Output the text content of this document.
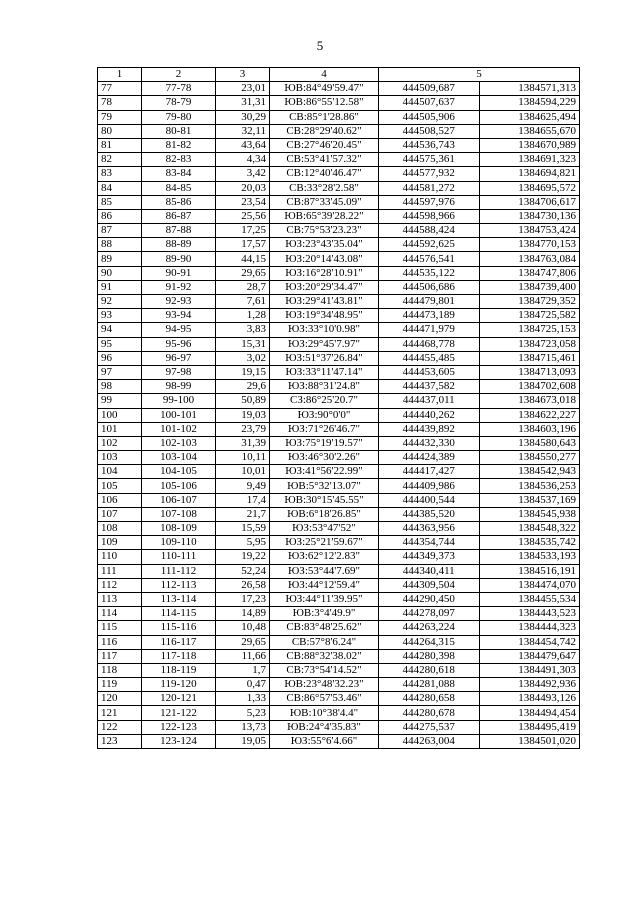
5
1	2	3	4	5	
77	77-78	23,01	ЮВ:84°49'59.47"	444509,687	1384571,313
78	78-79	31,31	ЮВ:86°55'12.58"	444507,637	1384594,229
79	79-80	30,29	СВ:85°1'28.86"	444505,906	1384625,494
80	80-81	32,11	СВ:28°29'40.62"	444508,527	1384655,670
81	81-82	43,64	СВ:27°46'20.45"	444536,743	1384670,989
82	82-83	4,34	СВ:53°41'57.32"	444575,361	1384691,323
83	83-84	3,42	СВ:12°40'46.47"	444577,932	1384694,821
84	84-85	20,03	СВ:33°28'2.58"	444581,272	1384695,572
85	85-86	23,54	СВ:87°33'45.09"	444597,976	1384706,617
86	86-87	25,56	ЮВ:65°39'28.22"	444598,966	1384730,136
87	87-88	17,25	СВ:75°53'23.23"	444588,424	1384753,424
88	88-89	17,57	ЮЗ:23°43'35.04"	444592,625	1384770,153
89	89-90	44,15	ЮЗ:20°14'43.08"	444576,541	1384763,084
90	90-91	29,65	ЮЗ:16°28'10.91"	444535,122	1384747,806
91	91-92	28,7	ЮЗ:20°29'34.47"	444506,686	1384739,400
92	92-93	7,61	ЮЗ:29°41'43.81"	444479,801	1384729,352
93	93-94	1,28	ЮЗ:19°34'48.95"	444473,189	1384725,582
94	94-95	3,83	ЮЗ:33°10'0.98"	444471,979	1384725,153
95	95-96	15,31	ЮЗ:29°45'7.97"	444468,778	1384723,058
96	96-97	3,02	ЮЗ:51°37'26.84"	444455,485	1384715,461
97	97-98	19,15	ЮЗ:33°11'47.14"	444453,605	1384713,093
98	98-99	29,6	ЮЗ:88°31'24.8"	444437,582	1384702,608
99	99-100	50,89	СЗ:86°25'20.7"	444437,011	1384673,018
100	100-101	19,03	ЮЗ:90°0'0"	444440,262	1384622,227
101	101-102	23,79	ЮЗ:71°26'46.7"	444439,892	1384603,196
102	102-103	31,39	ЮЗ:75°19'19.57"	444432,330	1384580,643
103	103-104	10,11	ЮЗ:46°30'2.26"	444424,389	1384550,277
104	104-105	10,01	ЮЗ:41°56'22.99"	444417,427	1384542,943
105	105-106	9,49	ЮВ:5°32'13.07"	444409,986	1384536,253
106	106-107	17,4	ЮВ:30°15'45.55"	444400,544	1384537,169
107	107-108	21,7	ЮВ:6°18'26.85"	444385,520	1384545,938
108	108-109	15,59	ЮЗ:53°47'52"	444363,956	1384548,322
109	109-110	5,95	ЮЗ:25°21'59.67"	444354,744	1384535,742
110	110-111	19,22	ЮЗ:62°12'2.83"	444349,373	1384533,193
111	111-112	52,24	ЮЗ:53°44'7.69"	444340,411	1384516,191
112	112-113	26,58	ЮЗ:44°12'59.4"	444309,504	1384474,070
113	113-114	17,23	ЮЗ:44°11'39.95"	444290,450	1384455,534
114	114-115	14,89	ЮВ:3°4'49.9"	444278,097	1384443,523
115	115-116	10,48	СВ:83°48'25.62"	444263,224	1384444,323
116	116-117	29,65	СВ:57°8'6.24"	444264,315	1384454,742
117	117-118	11,66	СВ:88°32'38.02"	444280,398	1384479,647
118	118-119	1,7	СВ:73°54'14.52"	444280,618	1384491,303
119	119-120	0,47	ЮВ:23°48'32.23"	444281,088	1384492,936
120	120-121	1,33	СВ:86°57'53.46"	444280,658	1384493,126
121	121-122	5,23	ЮВ:10°38'4.4"	444280,678	1384494,454
122	122-123	13,73	ЮВ:24°4'35.83"	444275,537	1384495,419
123	123-124	19,05	ЮЗ:55°6'4.66"	444263,004	1384501,020
